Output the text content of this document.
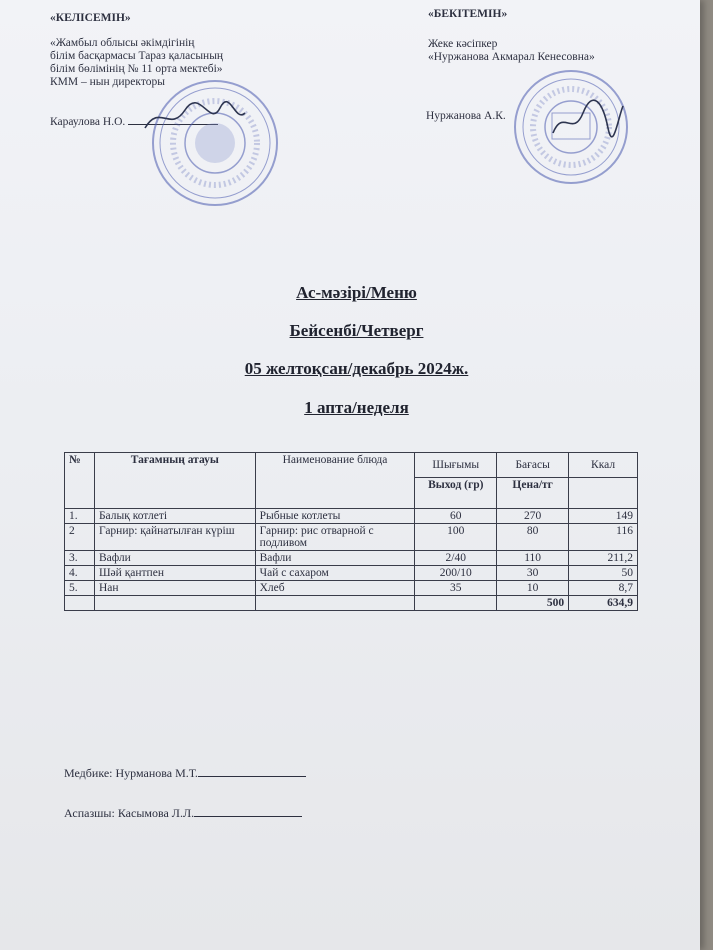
«КЕЛІСЕМІН»
«Жамбыл облысы әкімдігінің
білім басқармасы Тараз қаласының
білім бөлімінің № 11 орта мектебі»
КММ – нын директоры
Караулова Н.О.
«БЕКІТЕМІН»
Жеке кәсіпкер
«Нуржанова Акмарал Кенесовна»
Нуржанова А.К.
Ас-мәзірі/Меню
Бейсенбі/Четверг
05 желтоқсан/декабрь 2024ж.
1 апта/неделя
№	Тағамның атауы	Наименование блюда	Шығымы	Бағасы	Ккал
			Выход (гр)	Цена/тг	
1.	Балық котлеті	Рыбные котлеты	60	270	149
2	Гарнир: қайнатылған күріш	Гарнир: рис отварной с подливом	100	80	116
3.	Вафли	Вафли	2/40	110	211,2
4.	Шәй қантпен	Чай с сахаром	200/10	30	50
5.	Нан	Хлеб	35	10	8,7
				500	634,9
Медбике: Нурманова М.Т.
Аспазшы: Касымова Л.Л.
